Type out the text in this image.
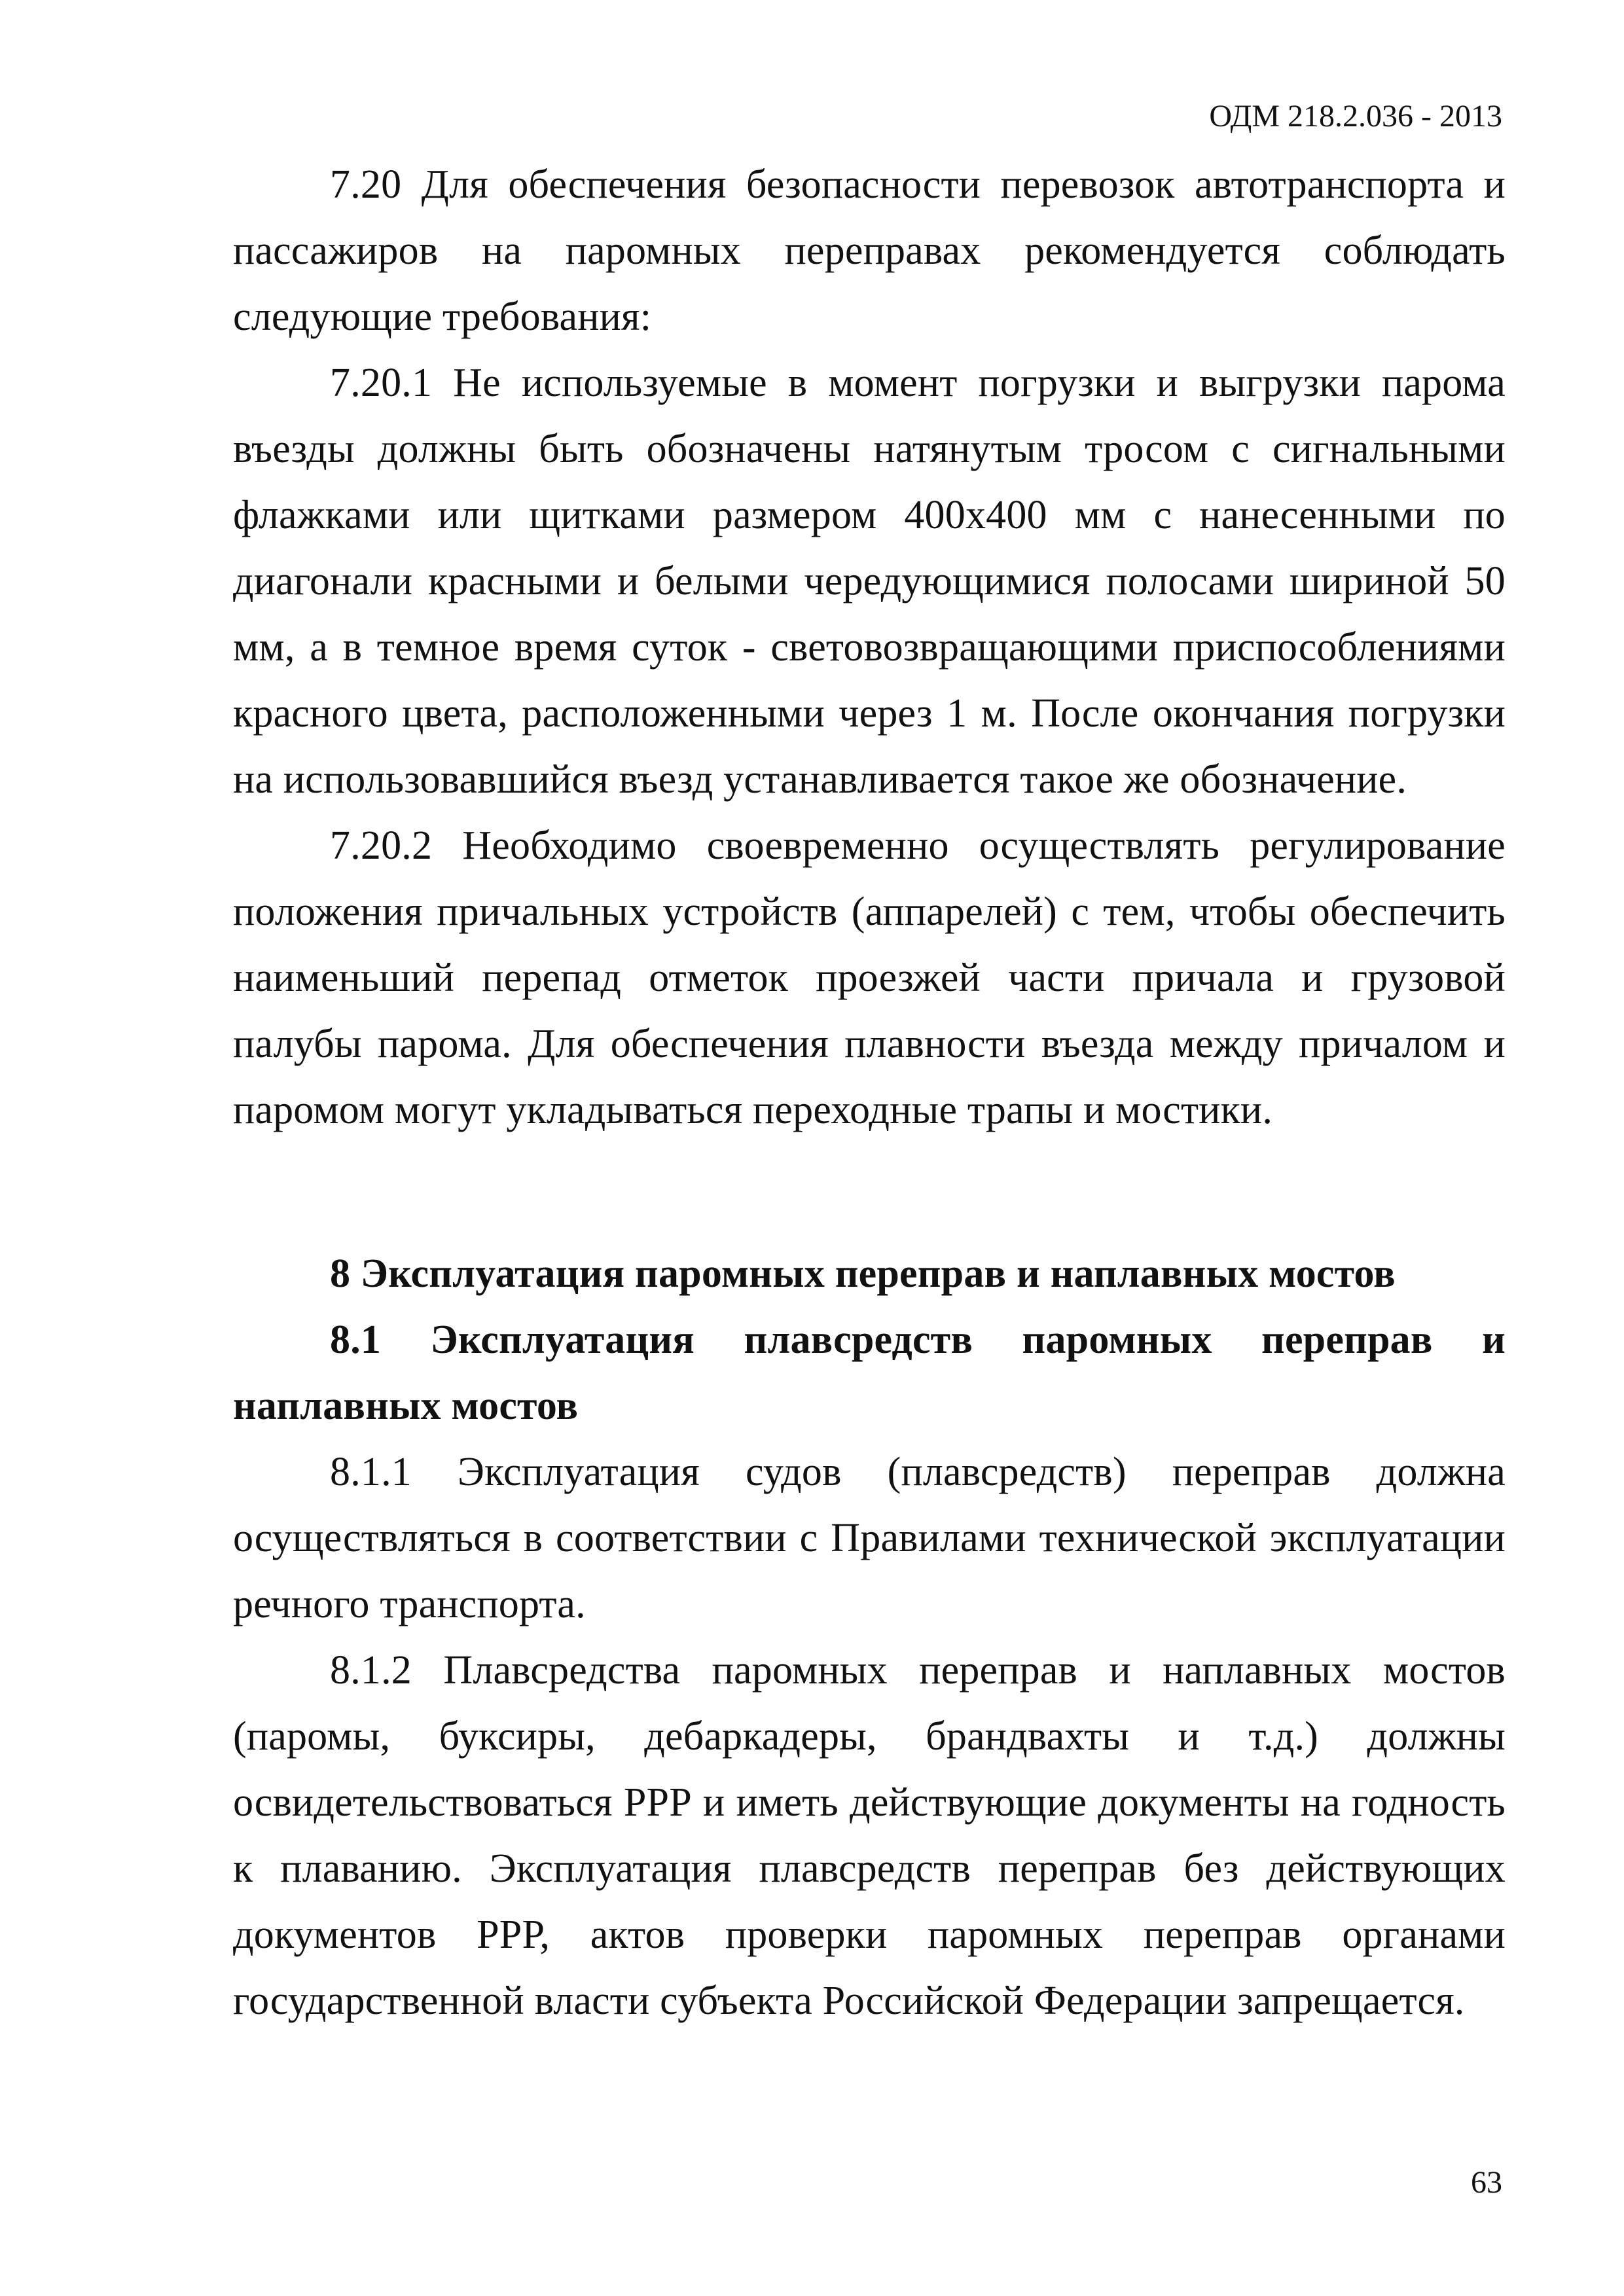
ОДМ 218.2.036 - 2013

7.20 Для обеспечения безопасности перевозок автотранспорта и пассажиров на паромных переправах рекомендуется соблюдать следующие требования:

7.20.1 Не используемые в момент погрузки и выгрузки парома въезды должны быть обозначены натянутым тросом с сигнальными флажками или щитками размером 400х400 мм с нанесенными по диагонали красными и белыми чередующимися полосами шириной 50 мм, а в темное время суток - световозвращающими приспособлениями красного цвета, расположенными через 1 м. После окончания погрузки на использовавшийся въезд устанавливается такое же обозначение.

7.20.2 Необходимо своевременно осуществлять регулирование положения причальных устройств (аппарелей) с тем, чтобы обеспечить наименьший перепад отметок проезжей части причала и грузовой палубы парома. Для обеспечения плавности въезда между причалом и паромом могут укладываться переходные трапы и мостики.

8 Эксплуатация паромных переправ и наплавных мостов

8.1 Эксплуатация плавсредств паромных переправ и наплавных мостов

8.1.1 Эксплуатация судов (плавсредств) переправ должна осуществляться в соответствии с Правилами технической эксплуатации речного транспорта.

8.1.2 Плавсредства паромных переправ и наплавных мостов (паромы, буксиры, дебаркадеры, брандвахты и т.д.) должны освидетельствоваться РРР и иметь действующие документы на годность к плаванию. Эксплуатация плавсредств переправ без действующих документов РРР, актов проверки паромных переправ органами государственной власти субъекта Российской Федерации запрещается.

63
